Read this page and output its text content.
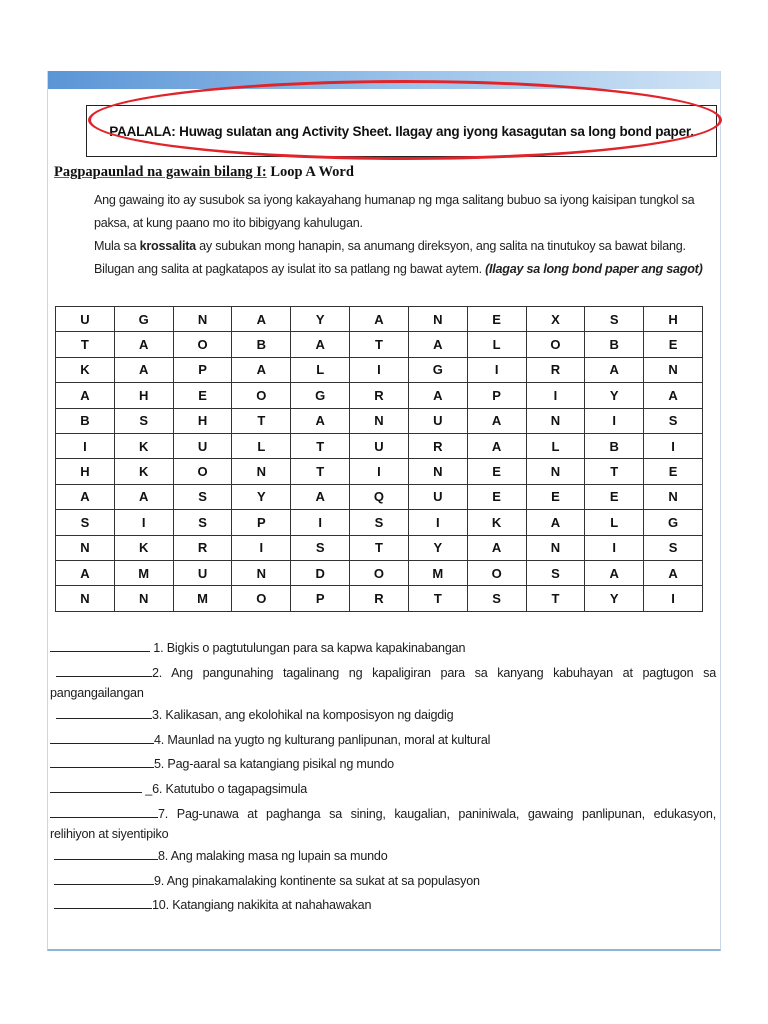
PAALALA: Huwag sulatan ang Activity Sheet. Ilagay ang iyong kasagutan sa long bond paper.
Pagpapaunlad na gawain bilang I: Loop A Word

Ang gawaing ito ay susubok sa iyong kakayahang humanap ng mga salitang bubuo sa iyong kaisipan tungkol sa paksa, at kung paano mo ito bibigyang kahulugan.

Mula sa krossalita ay subukan mong hanapin, sa anumang direksyon, ang salita na tinutukoy sa bawat bilang. Bilugan ang salita at pagkatapos ay isulat ito sa patlang ng bawat aytem. (Ilagay sa long bond paper ang sagot)

U	G	N	A	Y	A	N	E	X	S	H
T	A	O	B	A	T	A	L	O	B	E
K	A	P	A	L	I	G	I	R	A	N
A	H	E	O	G	R	A	P	I	Y	A
B	S	H	T	A	N	U	A	N	I	S
I	K	U	L	T	U	R	A	L	B	I
H	K	O	N	T	I	N	E	N	T	E
A	A	S	Y	A	Q	U	E	E	E	N
S	I	S	P	I	S	I	K	A	L	G
N	K	R	I	S	T	Y	A	N	I	S
A	M	U	N	D	O	M	O	S	A	A
N	N	M	O	P	R	T	S	T	Y	I
1. Bigkis o pagtutulungan para sa kapwa kapakinabangan
2. Ang pangunahing tagalinang ng kapaligiran para sa kanyang kabuhayan at pagtugon sa
pangangailangan
3. Kalikasan, ang ekolohikal na komposisyon ng daigdig
4. Maunlad na yugto ng kulturang panlipunan, moral at kultural
5. Pag-aaral sa katangiang pisikal ng mundo
_6. Katutubo o tagapagsimula
7. Pag-unawa at paghanga sa sining, kaugalian, paniniwala, gawaing panlipunan, edukasyon,
relihiyon at siyentipiko
8. Ang malaking masa ng lupain sa mundo
9. Ang pinakamalaking kontinente sa sukat at sa populasyon
10. Katangiang nakikita at nahahawakan
